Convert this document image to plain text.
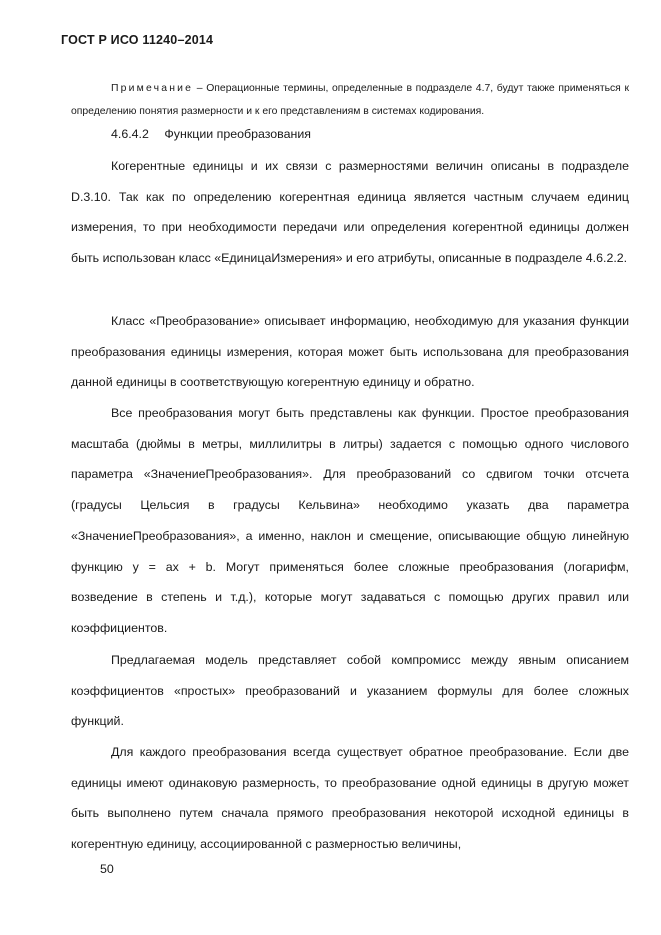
ГОСТ Р ИСО 11240–2014
Примечание – Операционные термины, определенные в подразделе 4.7, будут также применяться к определению понятия размерности и к его представлениям в системах кодирования.
4.6.4.2 Функции преобразования

Когерентные единицы и их связи с размерностями величин описаны в подразделе D.3.10. Так как по определению когерентная единица является частным случаем единиц измерения, то при необходимости передачи или определения когерентной единицы должен быть использован класс «ЕдиницаИзмерения» и его атрибуты, описанные в подразделе 4.6.2.2.

Класс «Преобразование» описывает информацию, необходимую для указания функции преобразования единицы измерения, которая может быть использована для преобразования данной единицы в соответствующую когерентную единицу и обратно.

Все преобразования могут быть представлены как функции. Простое преобразования масштаба (дюймы в метры, миллилитры в литры) задается с помощью одного числового параметра «ЗначениеПреобразования». Для преобразований со сдвигом точки отсчета (градусы Цельсия в градусы Кельвина» необходимо указать два параметра «ЗначениеПреобразования», а именно, наклон и смещение, описывающие общую линейную функцию y = ax + b. Могут применяться более сложные преобразования (логарифм, возведение в степень и т.д.), которые могут задаваться с помощью других правил или коэффициентов.

Предлагаемая модель представляет собой компромисс между явным описанием коэффициентов «простых» преобразований и указанием формулы для более сложных функций.

Для каждого преобразования всегда существует обратное преобразование. Если две единицы имеют одинаковую размерность, то преобразование одной единицы в другую может быть выполнено путем сначала прямого преобразования некоторой исходной единицы в когерентную единицу, ассоциированной с размерностью величины,

50
